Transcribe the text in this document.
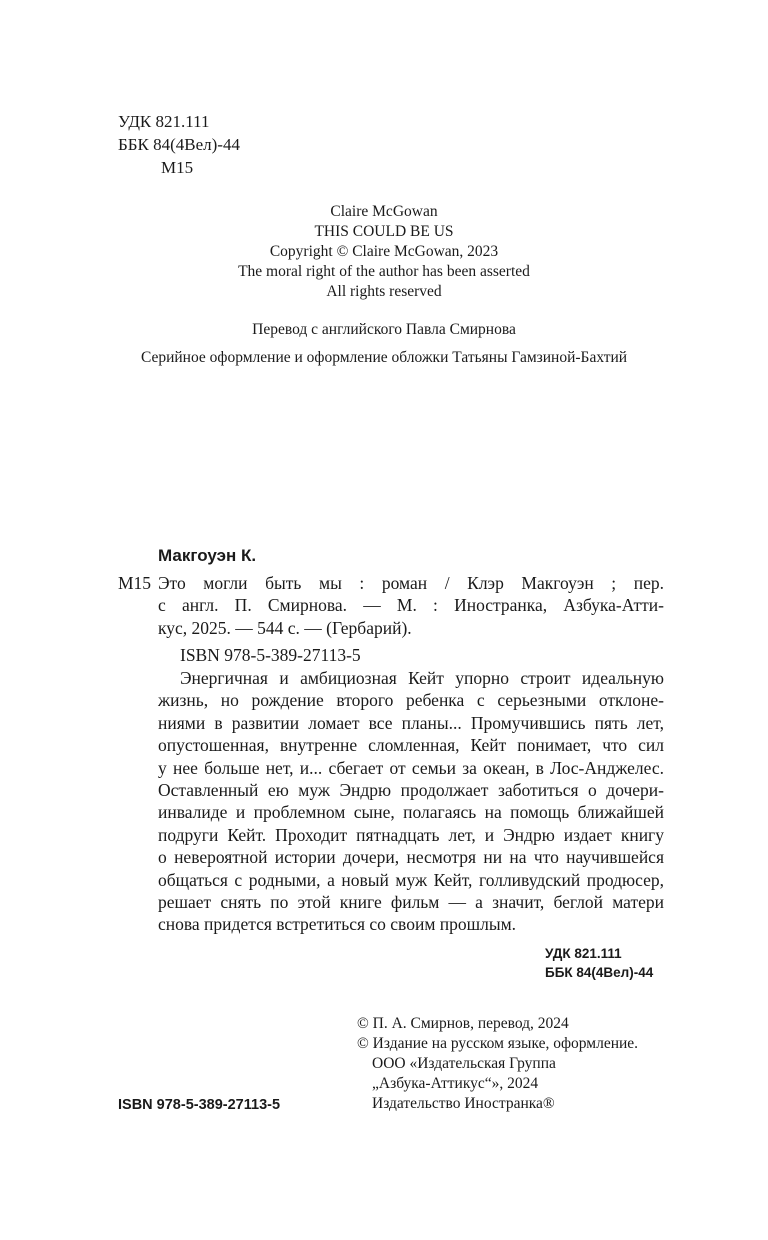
УДК 821.111
ББК 84(4Вел)-44
М15
Claire McGowan
THIS COULD BE US
Copyright © Claire McGowan, 2023
The moral right of the author has been asserted
All rights reserved
Перевод с английского Павла Смирнова
Серийное оформление и оформление обложки Татьяны Гамзиной-Бахтий
Макгоуэн К.
М15 Это могли быть мы : роман / Клэр Макгоуэн ; пер.
с англ. П. Смирнова. — М. : Иностранка, Азбука-Атти-
кус, 2025. — 544 с. — (Гербарий).
ISBN 978-5-389-27113-5
Энергичная и амбициозная Кейт упорно строит идеальную
жизнь, но рождение второго ребенка с серьезными отклоне-
ниями в развитии ломает все планы... Промучившись пять лет,
опустошенная, внутренне сломленная, Кейт понимает, что сил
у нее больше нет, и... сбегает от семьи за океан, в Лос-Анджелес.
Оставленный ею муж Эндрю продолжает заботиться о дочери-
инвалиде и проблемном сыне, полагаясь на помощь ближайшей
подруги Кейт. Проходит пятнадцать лет, и Эндрю издает книгу
о невероятной истории дочери, несмотря ни на что научившейся
общаться с родными, а новый муж Кейт, голливудский продюсер,
решает снять по этой книге фильм — а значит, беглой матери
снова придется встретиться со своим прошлым.
УДК 821.111
ББК 84(4Вел)-44
ISBN 978-5-389-27113-5
© П. А. Смирнов, перевод, 2024
© Издание на русском языке, оформление.
ООО «Издательская Группа
„Азбука-Аттикус“», 2024
Издательство Иностранка®
